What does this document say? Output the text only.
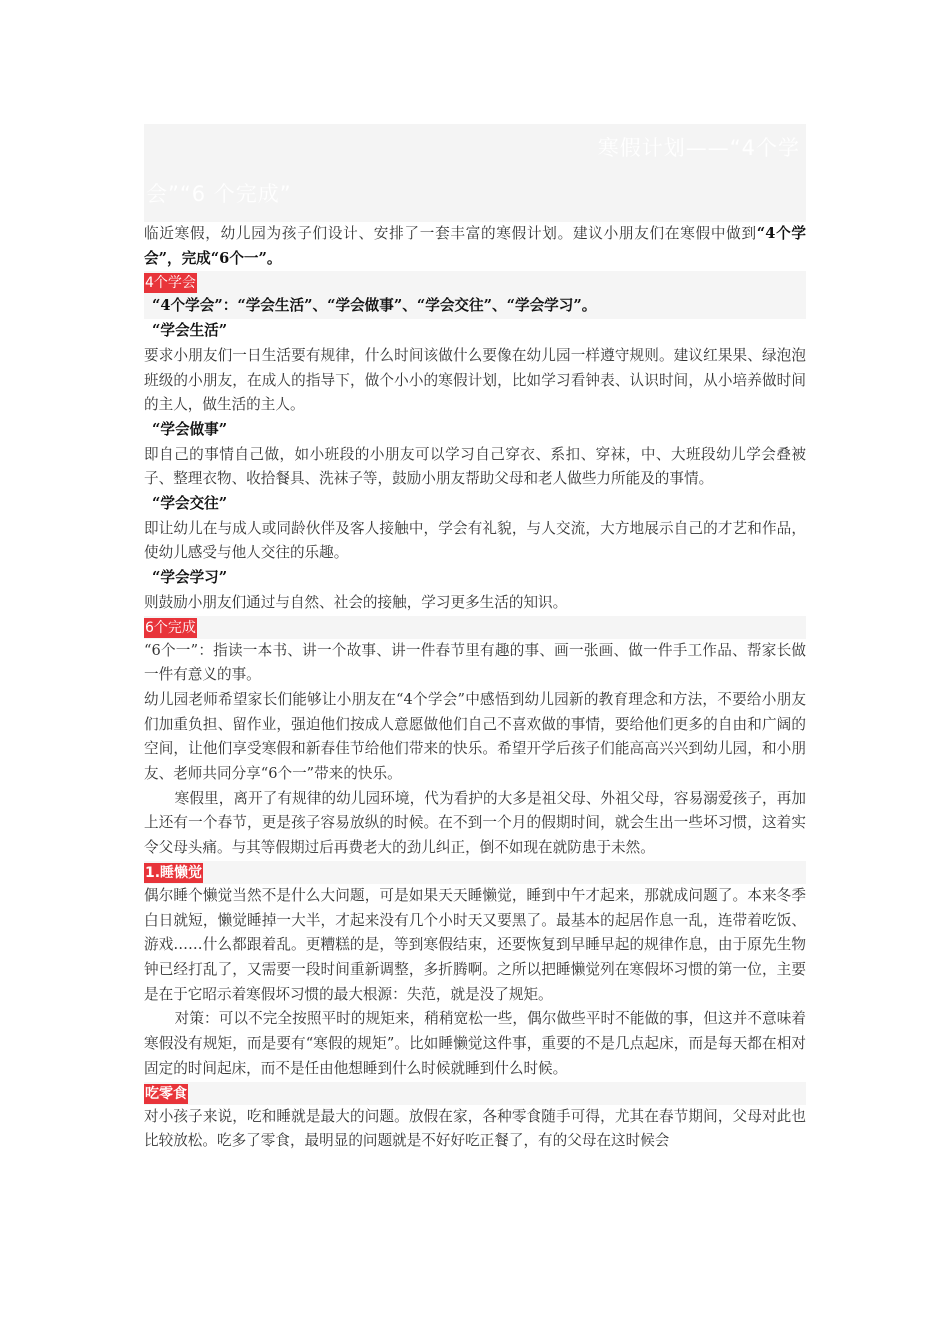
寒假计划——“4个学
会”“6 个完成”

临近寒假，幼儿园为孩子们设计、安排了一套丰富的寒假计划。建议小朋友们在寒假中做到“4个学会”，完成“6个一”。

4个学会
“4个学会”：“学会生活”、“学会做事”、“学会交往”、“学会学习”。
“学会生活”

要求小朋友们一日生活要有规律，什么时间该做什么要像在幼儿园一样遵守规则。建议红果果、绿泡泡班级的小朋友，在成人的指导下，做个小小的寒假计划，比如学习看钟表、认识时间，从小培养做时间的主人，做生活的主人。

“学会做事”

即自己的事情自己做，如小班段的小朋友可以学习自己穿衣、系扣、穿袜，中、大班段幼儿学会叠被子、整理衣物、收拾餐具、洗袜子等，鼓励小朋友帮助父母和老人做些力所能及的事情。

“学会交往”

即让幼儿在与成人或同龄伙伴及客人接触中，学会有礼貌，与人交流，大方地展示自己的才艺和作品，使幼儿感受与他人交往的乐趣。

“学会学习”

则鼓励小朋友们通过与自然、社会的接触，学习更多生活的知识。

6个完成

“6个一”：指读一本书、讲一个故事、讲一件春节里有趣的事、画一张画、做一件手工作品、帮家长做一件有意义的事。

幼儿园老师希望家长们能够让小朋友在“4个学会”中感悟到幼儿园新的教育理念和方法，不要给小朋友们加重负担、留作业，强迫他们按成人意愿做他们自己不喜欢做的事情，要给他们更多的自由和广阔的空间，让他们享受寒假和新春佳节给他们带来的快乐。希望开学后孩子们能高高兴兴到幼儿园，和小朋友、老师共同分享“6个一”带来的快乐。

寒假里，离开了有规律的幼儿园环境，代为看护的大多是祖父母、外祖父母，容易溺爱孩子，再加上还有一个春节，更是孩子容易放纵的时候。在不到一个月的假期时间，就会生出一些坏习惯，这着实令父母头痛。与其等假期过后再费老大的劲儿纠正，倒不如现在就防患于未然。

1.睡懒觉

偶尔睡个懒觉当然不是什么大问题，可是如果天天睡懒觉，睡到中午才起来，那就成问题了。本来冬季白日就短，懒觉睡掉一大半，才起来没有几个小时天又要黑了。最基本的起居作息一乱，连带着吃饭、游戏……什么都跟着乱。更糟糕的是，等到寒假结束，还要恢复到早睡早起的规律作息，由于原先生物钟已经打乱了，又需要一段时间重新调整，多折腾啊。之所以把睡懒觉列在寒假坏习惯的第一位，主要是在于它昭示着寒假坏习惯的最大根源：失范，就是没了规矩。

对策：可以不完全按照平时的规矩来，稍稍宽松一些，偶尔做些平时不能做的事，但这并不意味着寒假没有规矩，而是要有“寒假的规矩”。比如睡懒觉这件事，重要的不是几点起床，而是每天都在相对固定的时间起床，而不是任由他想睡到什么时候就睡到什么时候。

吃零食

对小孩子来说，吃和睡就是最大的问题。放假在家，各种零食随手可得，尤其在春节期间，父母对此也比较放松。吃多了零食，最明显的问题就是不好好吃正餐了，有的父母在这时候会
